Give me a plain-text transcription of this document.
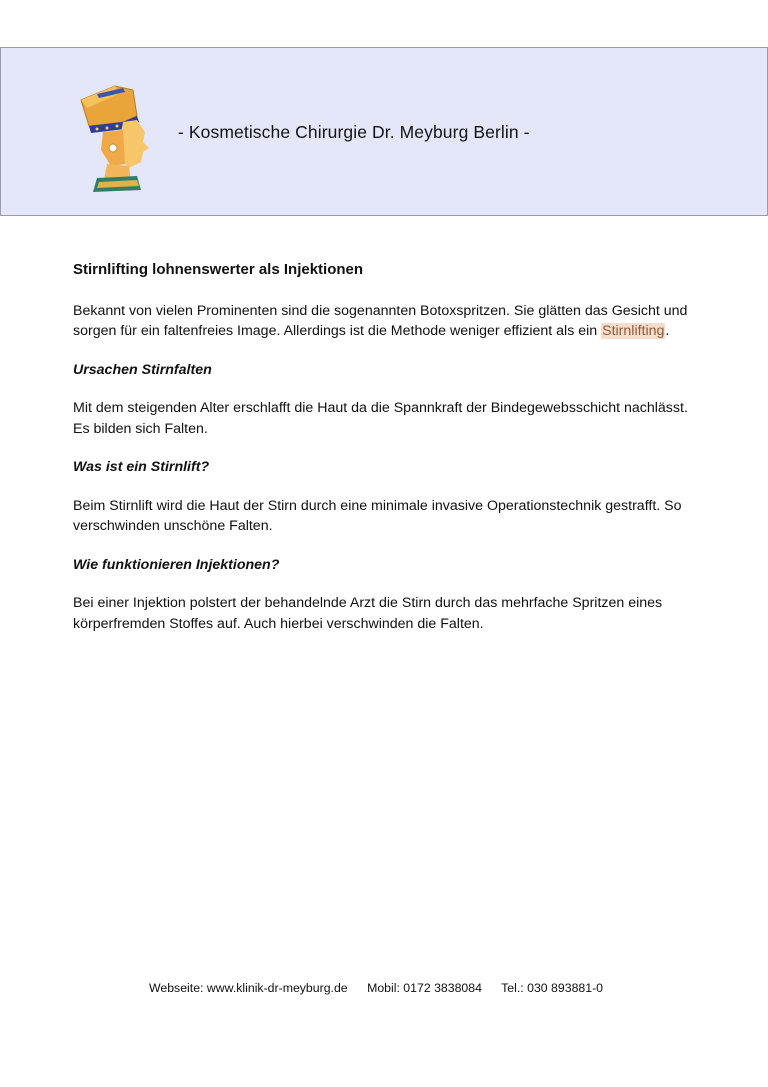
- Kosmetische Chirurgie Dr. Meyburg Berlin -
Stirnlifting lohnenswerter als Injektionen

Bekannt von vielen Prominenten sind die sogenannten Botoxspritzen. Sie glätten das Gesicht und sorgen für ein faltenfreies Image. Allerdings ist die Methode weniger effizient als ein Stirnlifting.

Ursachen Stirnfalten

Mit dem steigenden Alter erschlafft die Haut da die Spannkraft der Bindegewebsschicht nachlässt. Es bilden sich Falten.

Was ist ein Stirnlift?

Beim Stirnlift wird die Haut der Stirn durch eine minimale invasive Operationstechnik gestrafft. So verschwinden unschöne Falten.

Wie funktionieren Injektionen?

Bei einer Injektion polstert der behandelnde Arzt die Stirn durch das mehrfache Spritzen eines körperfremden Stoffes auf. Auch hierbei verschwinden die Falten.

Webseite: www.klinik-dr-meyburg.de Mobil: 0172 3838084 Tel.: 030 893881-0
